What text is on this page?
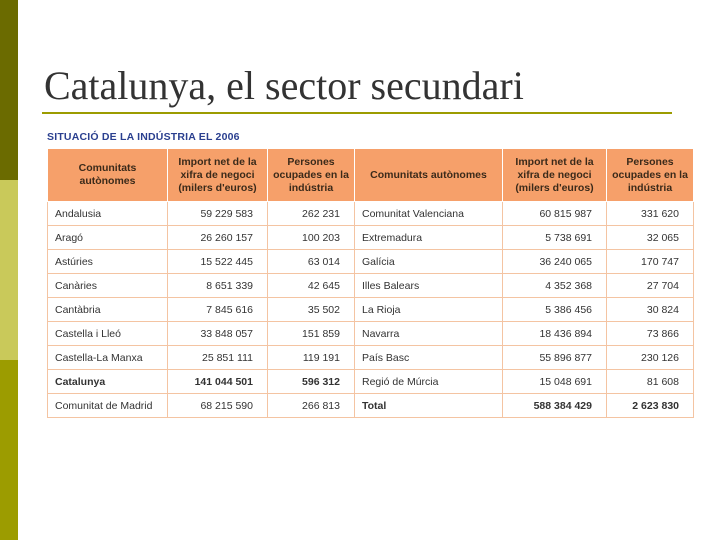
Catalunya, el sector secundari
SITUACIÓ DE LA INDÚSTRIA EL 2006
Comunitats autònomes	Import net de la xifra de negoci (milers d'euros)	Persones ocupades en la indústria	Comunitats autònomes	Import net de la xifra de negoci (milers d'euros)	Persones ocupades en la indústria
Andalusia	59 229 583	262 231	Comunitat Valenciana	60 815 987	331 620
Aragó	26 260 157	100 203	Extremadura	5 738 691	32 065
Astúries	15 522 445	63 014	Galícia	36 240 065	170 747
Canàries	8 651 339	42 645	Illes Balears	4 352 368	27 704
Cantàbria	7 845 616	35 502	La Rioja	5 386 456	30 824
Castella i Lleó	33 848 057	151 859	Navarra	18 436 894	73 866
Castella-La Manxa	25 851 111	119 191	País Basc	55 896 877	230 126
Catalunya	141 044 501	596 312	Regió de Múrcia	15 048 691	81 608
Comunitat de Madrid	68 215 590	266 813	Total	588 384 429	2 623 830
